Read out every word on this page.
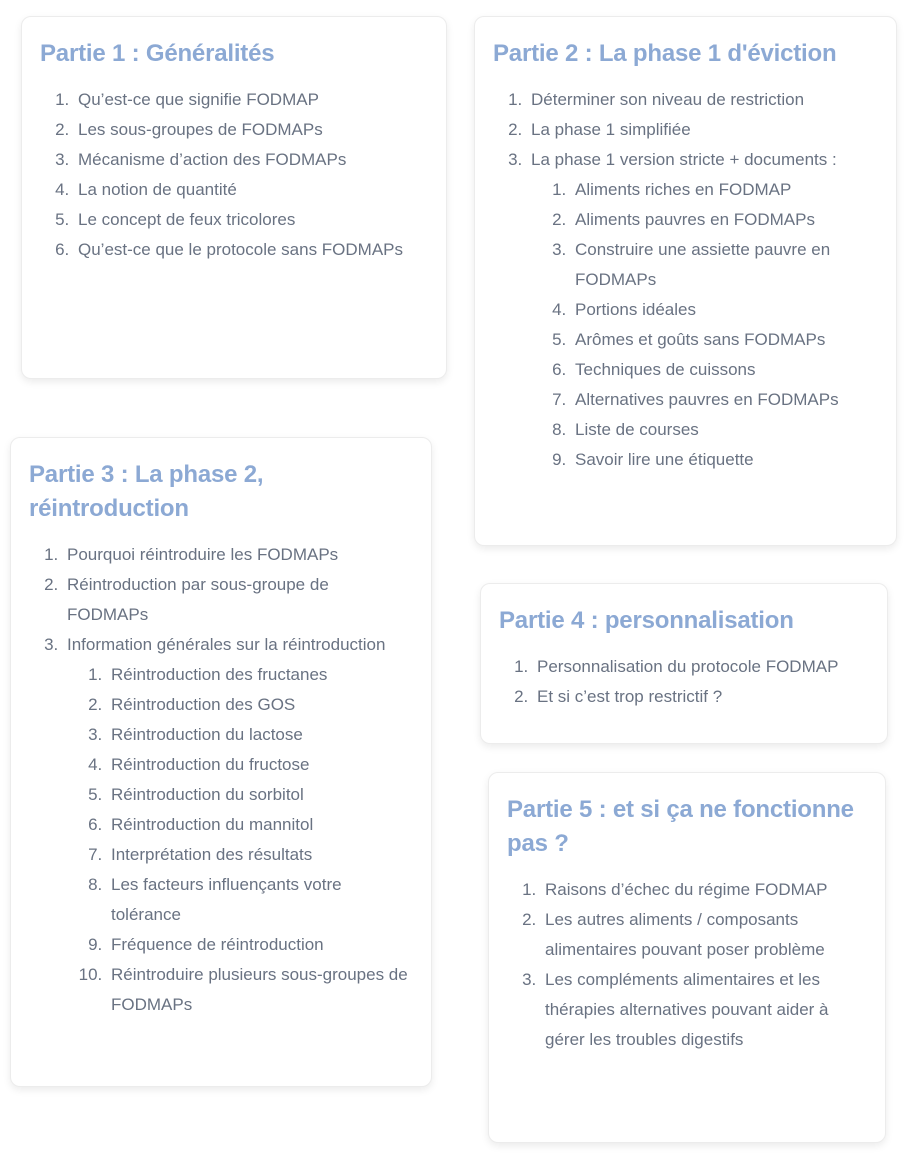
Partie 1 : Généralités
1. Qu’est-ce que signifie FODMAP
2. Les sous-groupes de FODMAPs
3. Mécanisme d’action des FODMAPs
4. La notion de quantité
5. Le concept de feux tricolores
6. Qu’est-ce que le protocole sans FODMAPs
Partie 2 : La phase 1 d'éviction
1. Déterminer son niveau de restriction
2. La phase 1 simplifiée
3. La phase 1 version stricte + documents :
1. Aliments riches en FODMAP
2. Aliments pauvres en FODMAPs
3. Construire une assiette pauvre en FODMAPs
4. Portions idéales
5. Arômes et goûts sans FODMAPs
6. Techniques de cuissons
7. Alternatives pauvres en FODMAPs
8. Liste de courses
9. Savoir lire une étiquette
Partie 3 : La phase 2, réintroduction
1. Pourquoi réintroduire les FODMAPs
2. Réintroduction par sous-groupe de FODMAPs
3. Information générales sur la réintroduction
1. Réintroduction des fructanes
2. Réintroduction des GOS
3. Réintroduction du lactose
4. Réintroduction du fructose
5. Réintroduction du sorbitol
6. Réintroduction du mannitol
7. Interprétation des résultats
8. Les facteurs influençants votre tolérance
9. Fréquence de réintroduction
10. Réintroduire plusieurs sous-groupes de FODMAPs
Partie 4 : personnalisation
1. Personnalisation du protocole FODMAP
2. Et si c’est trop restrictif ?
Partie 5 : et si ça ne fonctionne pas ?
1. Raisons d’échec du régime FODMAP
2. Les autres aliments / composants alimentaires pouvant poser problème
3. Les compléments alimentaires et les thérapies alternatives pouvant aider à gérer les troubles digestifs
